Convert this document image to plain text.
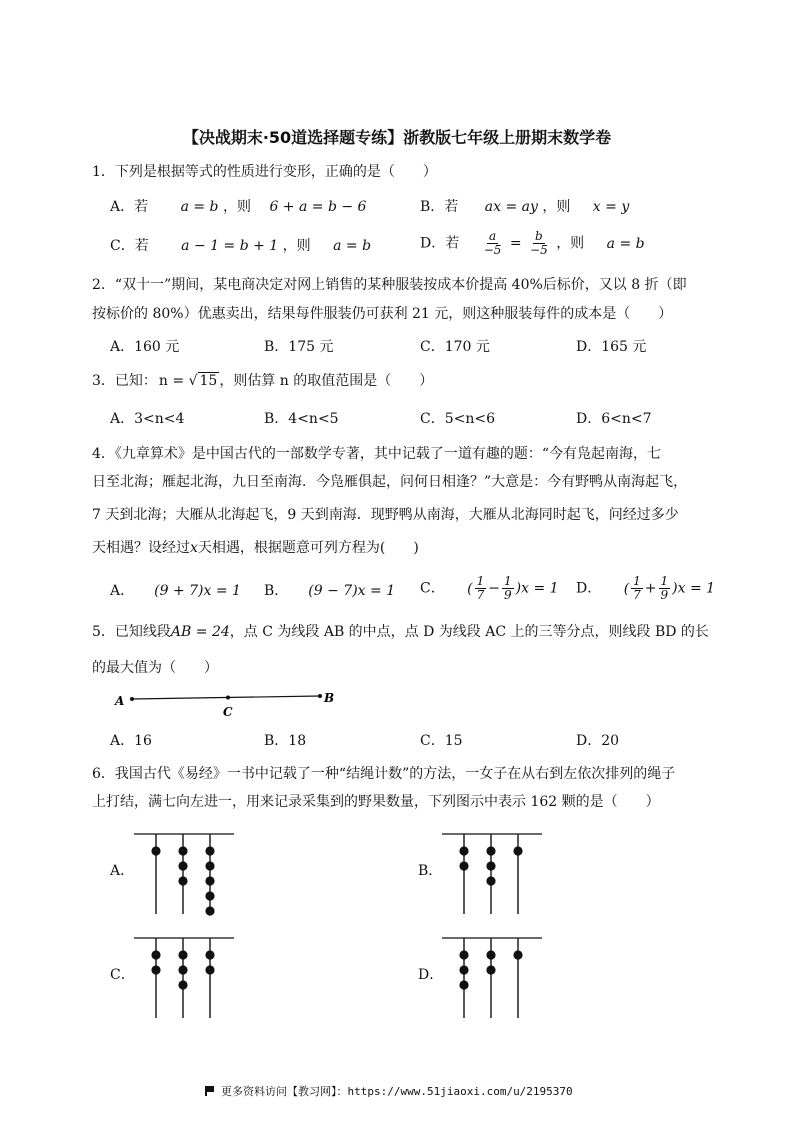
【决战期末·50道选择题专练】浙教版七年级上册期末数学卷
1．下列是根据等式的性质进行变形，正确的是（　　）
A．若 a = b ，则 6 + a = b − 6	B．若 ax = ay ，则 x = y
C．若 a − 1 = b + 1 ，则 a = b	D．若 $\frac{a}{-5} = \frac{b}{-5}$ ，则 a = b
2．“双十一”期间，某电商决定对网上销售的某种服装按成本价提高 40%后标价，又以 8 折（即
按标价的 80%）优惠卖出，结果每件服装仍可获利 21 元，则这种服装每件的成本是（　　）
A．160 元	B．175 元	C．170 元	D．165 元
3．已知： n = √ 15 ，则估算 n 的取值范围是（　　）
A．3<n<4	B．4<n<5	C．5<n<6	D．6<n<7
4．《九章算术》是中国古代的一部数学专著，其中记载了一道有趣的题：“今有凫起南海，七
日至北海；雁起北海，九日至南海．今凫雁俱起，问何日相逢？”大意是：今有野鸭从南海起飞，
7 天到北海；大雁从北海起飞，9 天到南海．现野鸭从南海，大雁从北海同时起飞，问经过多少
天相遇？设经过x天相遇，根据题意可列方程为(　　)
A． (9 + 7)x = 1 B． (9 − 7)x = 1 C． ( $\frac{1}{7} - \frac{1}{9} )x = 1$ D． ( $\frac{1}{7} + \frac{1}{9} )x = 1$
5．已知线段AB = 24，点 C 为线段 AB 的中点，点 D 为线段 AC 上的三等分点，则线段 BD 的长
的最大值为（　　）
A	B
C
A．16	B．18	C．15	D．20
6．我国古代《易经》一书中记载了一种“结绳计数”的方法，一女子在从右到左依次排列的绳子
上打结，满七向左进一，用来记录采集到的野果数量，下列图示中表示 162 颗的是（　　）
A．	B．
C．	D．
更多资料访问【教习网】：https://www.51jiaoxi.com/u/2195370
